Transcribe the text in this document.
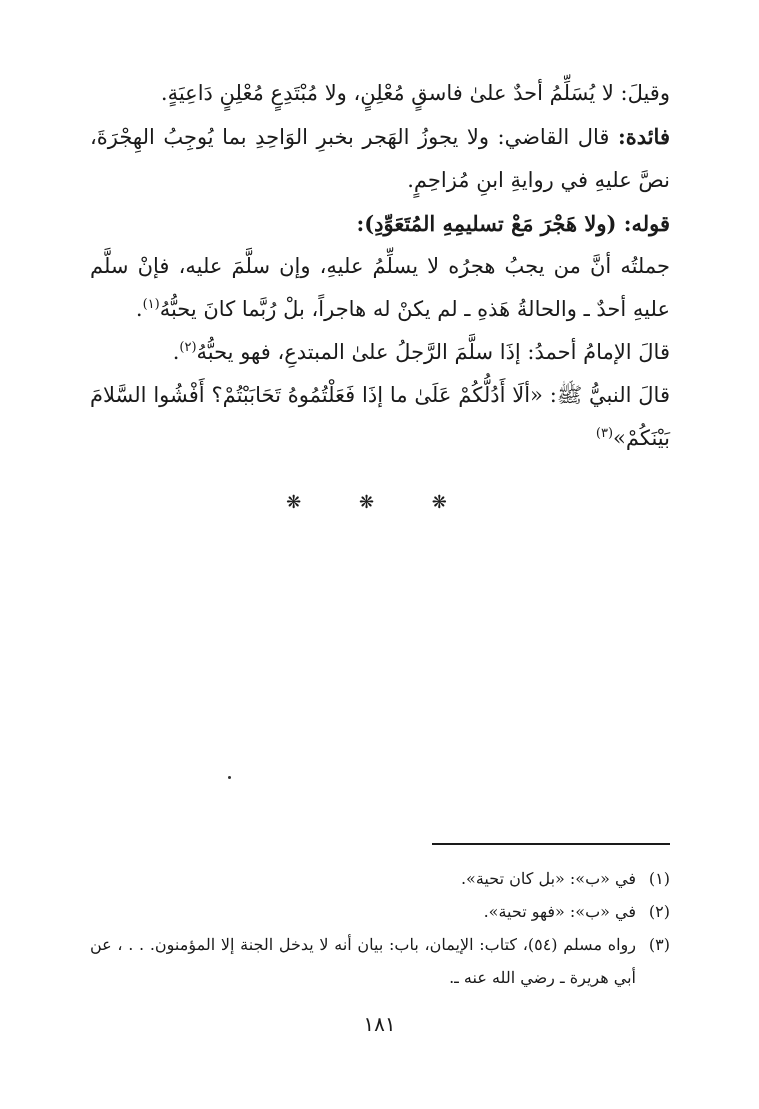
وقيلَ: لا يُسَلِّمُ أحدٌ علىٰ فاسقٍ مُعْلِنٍ، ولا مُبْتَدِعٍ مُعْلِنٍ دَاعِيَةٍ.

فائدة: قال القاضي: ولا يجوزُ الهَجر بخبرِ الوَاحِدِ بما يُوجِبُ الهِجْرَةَ، نصَّ عليهِ في روايةِ ابنِ مُزاحِمٍ.

قوله: (ولا هَجْرَ مَعْ تسليمِهِ المُتَعَوِّدِ):

جملتُه أنَّ من يجبُ هجرُه لا يسلِّمُ عليهِ، وإن سلَّمَ عليه، فإنْ سلَّم عليهِ أحدٌ ـ والحالةُ هَذهِ ـ لم يكنْ له هاجراً، بلْ رُبَّما كانَ يحبُّهُ$^{(١)}$.

قالَ الإمامُ أحمدُ: إذَا سلَّمَ الرَّجلُ علىٰ المبتدعِ، فهو يحبُّهُ$^{(٢)}$.

قالَ النبيُّ ﷺ: «ألَا أَدُلُّكُمْ عَلَىٰ ما إذَا فَعَلْتُمُوهُ تَحَابَبْتُمْ؟ أَفْشُوا السَّلامَ بَيْنَكُمْ»$^{(٣)}$

❋ ❋ ❋
(١)
في «ب»: «بل كان تحية».
(٢)
في «ب»: «فهو تحية».
(٣)
رواه مسلم (٥٤)، كتاب: الإيمان، باب: بيان أنه لا يدخل الجنة إلا المؤمنون. . . ، عن أبي هريرة ـ رضي الله عنه ـ.
١٨١
